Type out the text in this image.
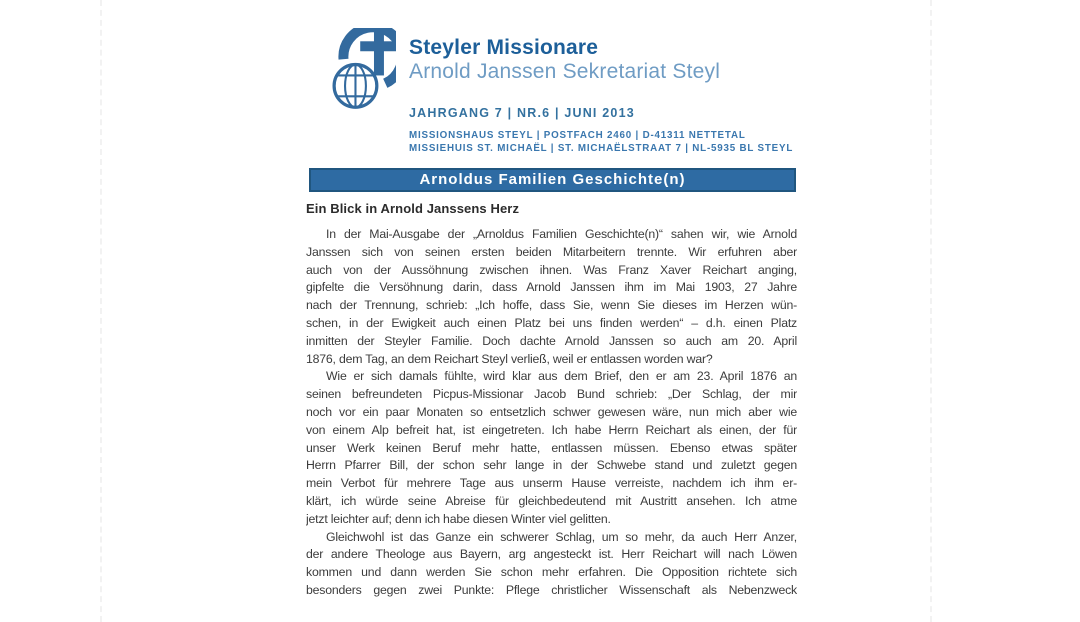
Steyler Missionare
Arnold Janssen Sekretariat Steyl
JAHRGANG 7 | NR.6 | JUNI 2013
MISSIONSHAUS STEYL | POSTFACH 2460 | D-41311 NETTETAL
MISSIEHUIS ST. MICHAËL | ST. MICHAËLSTRAAT 7 | NL-5935 BL STEYL
Arnoldus Familien Geschichte(n)
Ein Blick in Arnold Janssens Herz
In der Mai-Ausgabe der „Arnoldus Familien Geschichte(n)“ sahen wir, wie Arnold
Janssen sich von seinen ersten beiden Mitarbeitern trennte. Wir erfuhren aber
auch von der Aussöhnung zwischen ihnen. Was Franz Xaver Reichart anging,
gipfelte die Versöhnung darin, dass Arnold Janssen ihm im Mai 1903, 27 Jahre
nach der Trennung, schrieb: „Ich hoffe, dass Sie, wenn Sie dieses im Herzen wün-
schen, in der Ewigkeit auch einen Platz bei uns finden werden“ – d.h. einen Platz
inmitten der Steyler Familie. Doch dachte Arnold Janssen so auch am 20. April
1876, dem Tag, an dem Reichart Steyl verließ, weil er entlassen worden war?
Wie er sich damals fühlte, wird klar aus dem Brief, den er am 23. April 1876 an
seinen befreundeten Picpus-Missionar Jacob Bund schrieb: „Der Schlag, der mir
noch vor ein paar Monaten so entsetzlich schwer gewesen wäre, nun mich aber wie
von einem Alp befreit hat, ist eingetreten. Ich habe Herrn Reichart als einen, der für
unser Werk keinen Beruf mehr hatte, entlassen müssen. Ebenso etwas später
Herrn Pfarrer Bill, der schon sehr lange in der Schwebe stand und zuletzt gegen
mein Verbot für mehrere Tage aus unserm Hause verreiste, nachdem ich ihm er-
klärt, ich würde seine Abreise für gleichbedeutend mit Austritt ansehen. Ich atme
jetzt leichter auf; denn ich habe diesen Winter viel gelitten.
Gleichwohl ist das Ganze ein schwerer Schlag, um so mehr, da auch Herr Anzer,
der andere Theologe aus Bayern, arg angesteckt ist. Herr Reichart will nach Löwen
kommen und dann werden Sie schon mehr erfahren. Die Opposition richtete sich
besonders gegen zwei Punkte: Pflege christlicher Wissenschaft als Nebenzweck
